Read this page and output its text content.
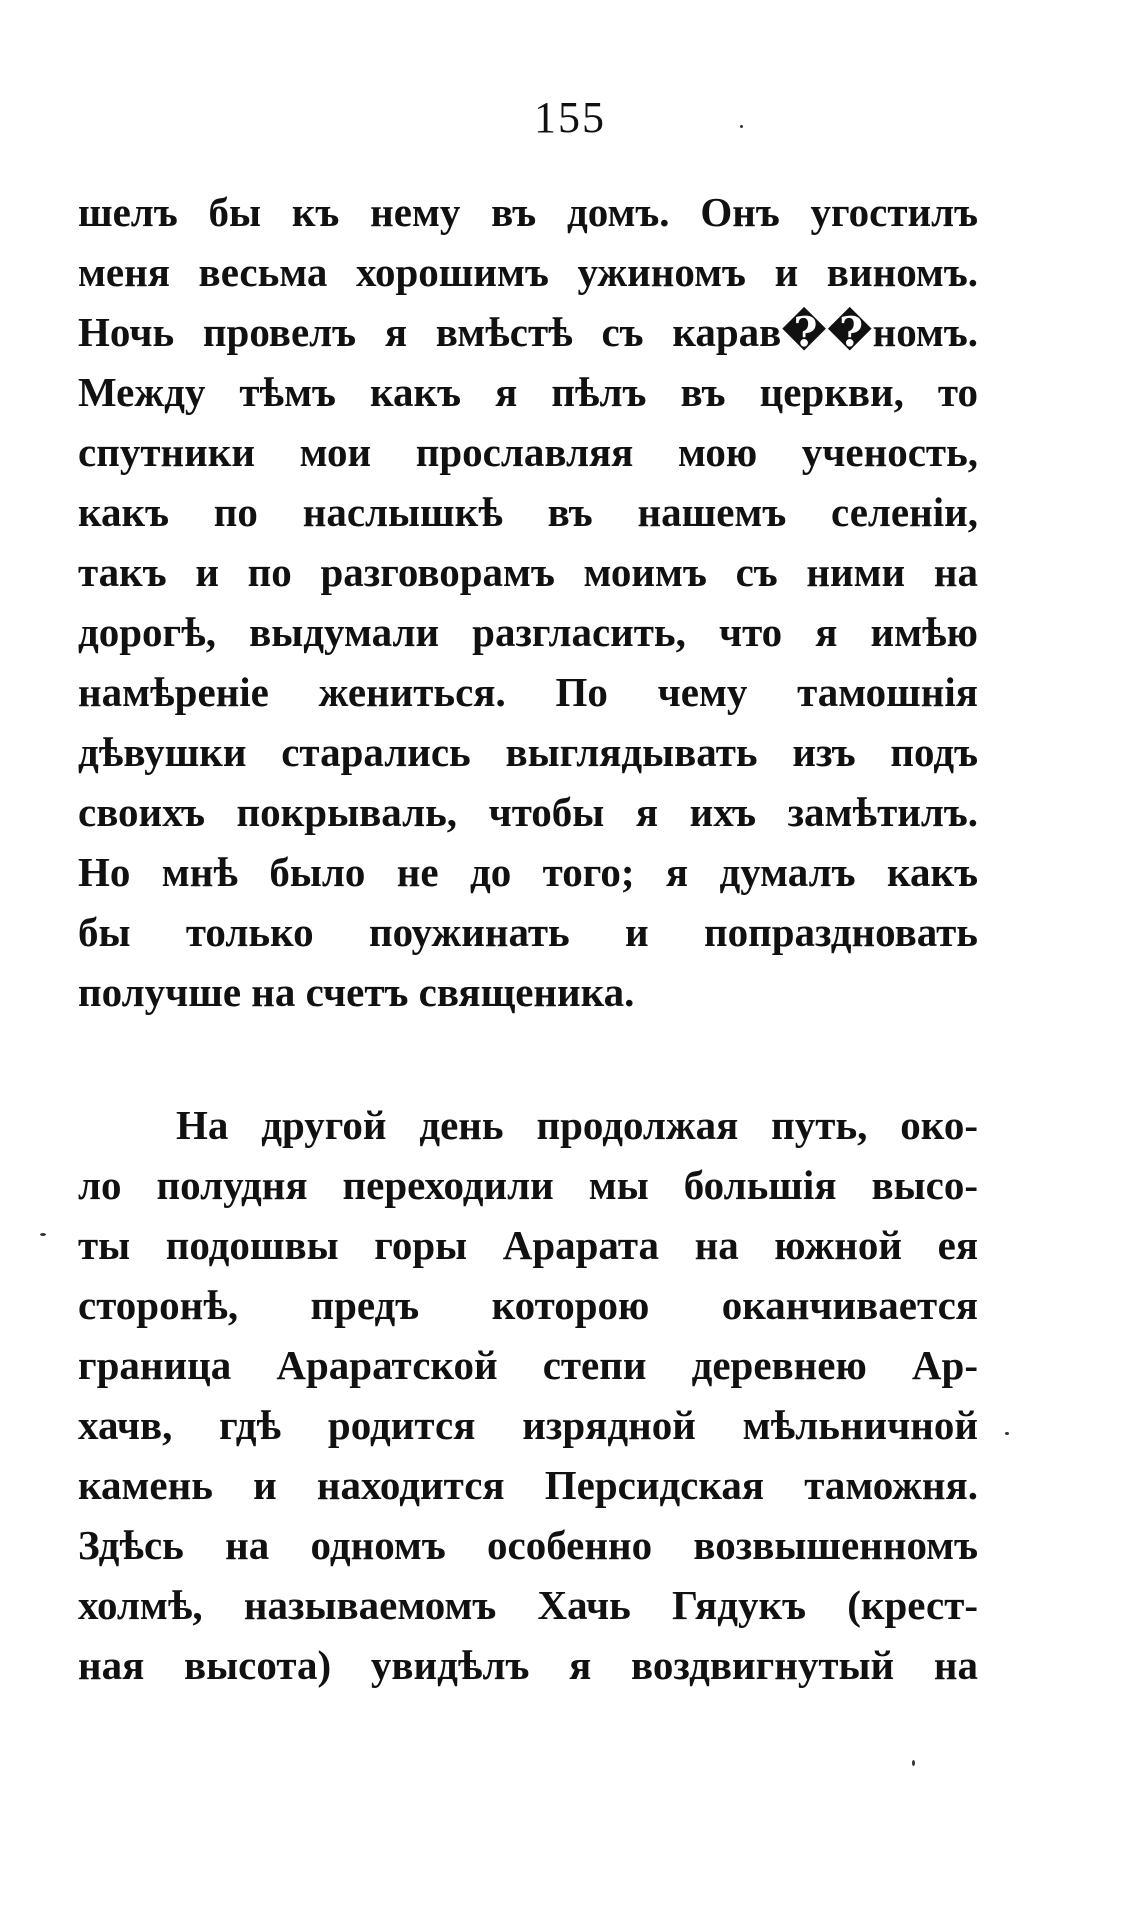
155
шелъ бы къ нему въ домъ. Онъ угостилъ
меня весьма хорошимъ ужиномъ и виномъ.
Ночь провелъ я вмѣстѣ съ карав��номъ.
Между тѣмъ какъ я пѣлъ въ церкви, то
спутники мои прославляя мою ученость,
какъ по наслышкѣ въ нашемъ селеніи,
такъ и по разговорамъ моимъ съ ними на
дорогѣ, выдумали разгласить, что я имѣю
намѣреніе жениться. По чему тамошнія
дѣвушки старались выглядывать изъ подъ
своихъ покрываль, чтобы я ихъ замѣтилъ.
Но мнѣ было не до того; я думалъ какъ
бы только поужинать и попраздновать
получше на счетъ священика.
На другой день продолжая путь, око-
ло полудня переходили мы большія высо-
ты подошвы горы Арарата на южной ея
сторонѣ, предъ которою оканчивается
граница Араратской степи деревнею Ар-
хачв, гдѣ родится изрядной мѣльничной
камень и находится Персидская таможня.
Здѣсь на одномъ особенно возвышенномъ
холмѣ, называемомъ Хачь Гядукъ (крест-
ная высота) увидѣлъ я воздвигнутый на
